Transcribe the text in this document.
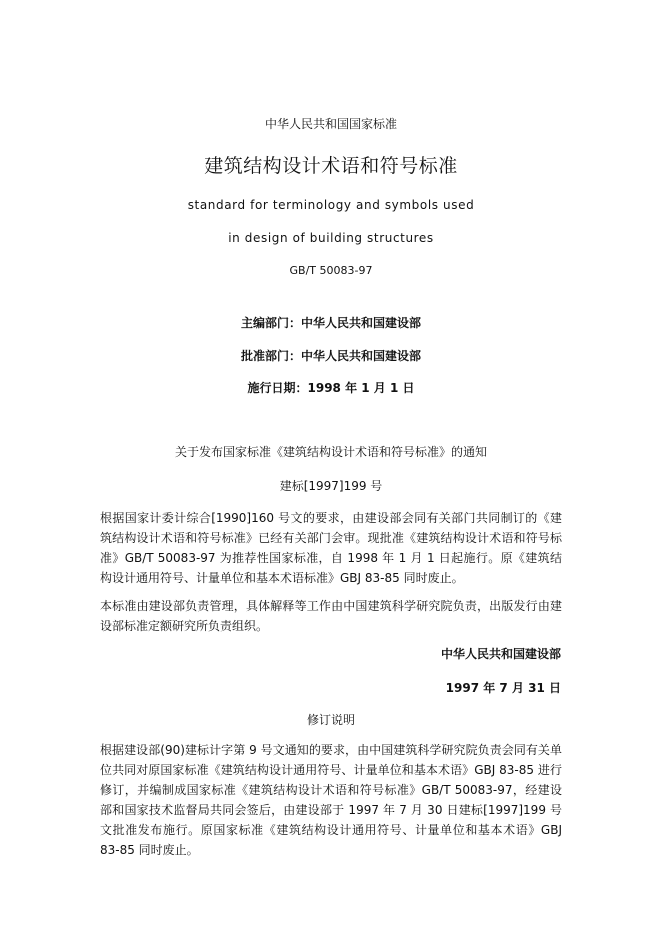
中华人民共和国国家标准
建筑结构设计术语和符号标准
standard for terminology and symbols used
in design of building structures
GB/T 50083-97
主编部门：中华人民共和国建设部
批准部门：中华人民共和国建设部
施行日期：1998 年 1 月 1 日
关于发布国家标准《建筑结构设计术语和符号标准》的通知
建标[1997]199 号
根据国家计委计综合[1990]160 号文的要求，由建设部会同有关部门共同制订的《建筑结构设计术语和符号标准》已经有关部门会审。现批准《建筑结构设计术语和符号标准》GB/T 50083-97 为推荐性国家标准，自 1998 年 1 月 1 日起施行。原《建筑结构设计通用符号、计量单位和基本术语标准》GBJ 83-85 同时废止。
本标准由建设部负责管理，具体解释等工作由中国建筑科学研究院负责，出版发行由建设部标准定额研究所负责组织。
中华人民共和国建设部
1997 年 7 月 31 日
修订说明
根据建设部(90)建标计字第 9 号文通知的要求，由中国建筑科学研究院负责会同有关单位共同对原国家标准《建筑结构设计通用符号、计量单位和基本术语》GBJ 83-85 进行修订，并编制成国家标准《建筑结构设计术语和符号标准》GB/T 50083-97，经建设部和国家技术监督局共同会签后，由建设部于 1997 年 7 月 30 日建标[1997]199 号文批准发布施行。原国家标准《建筑结构设计通用符号、计量单位和基本术语》GBJ 83-85 同时废止。
